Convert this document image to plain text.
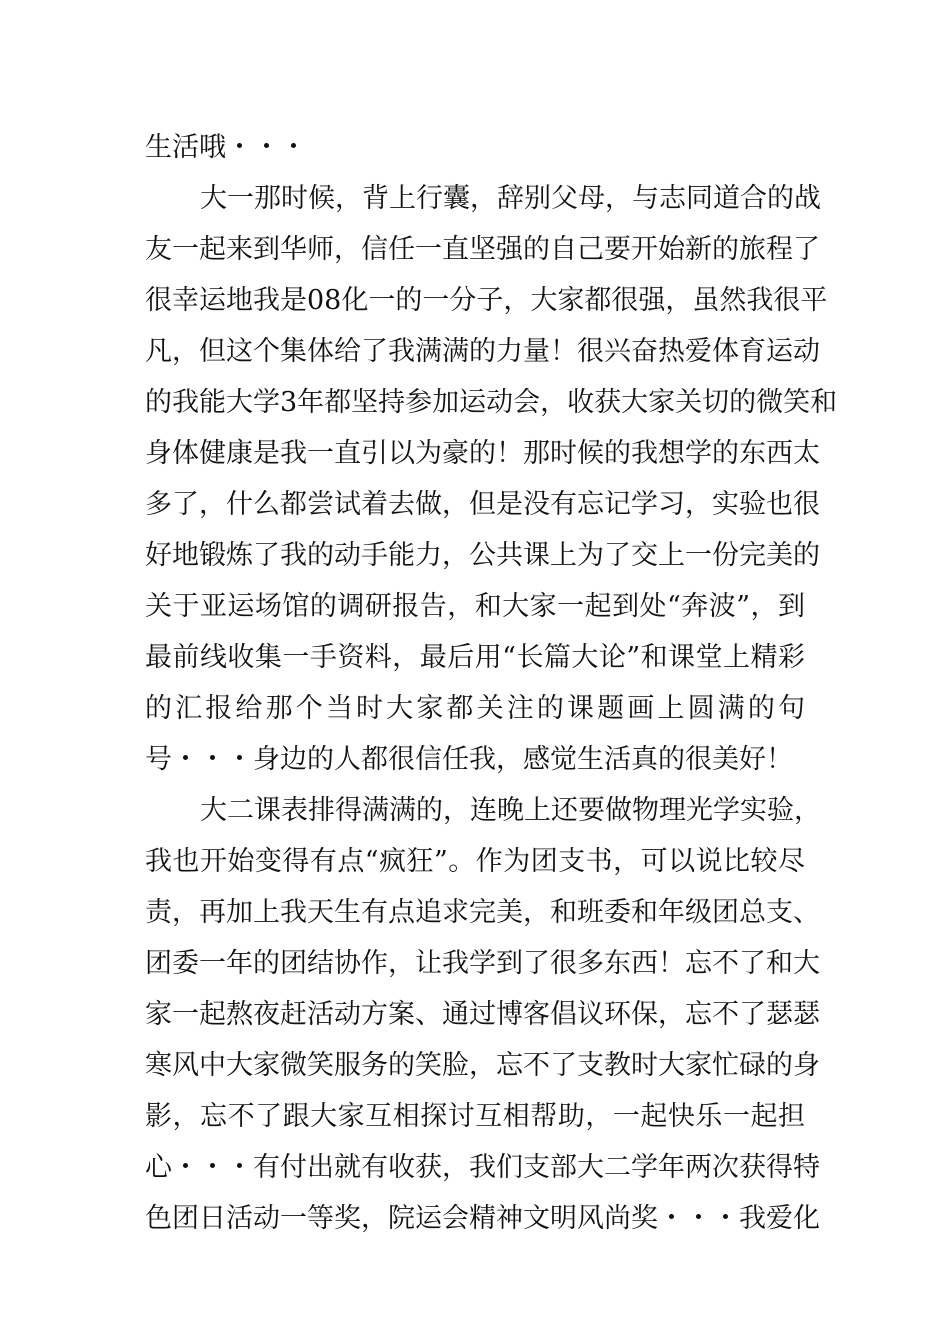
生活哦・・・
大一那时候，背上行囊，辞别父母，与志同道合的战
友一起来到华师，信任一直坚强的自己要开始新的旅程了
很幸运地我是08化一的一分子，大家都很强，虽然我很平
凡，但这个集体给了我满满的力量！很兴奋热爱体育运动
的我能大学3年都坚持参加运动会，收获大家关切的微笑和
身体健康是我一直引以为豪的！那时候的我想学的东西太
多了，什么都尝试着去做，但是没有忘记学习，实验也很
好地锻炼了我的动手能力，公共课上为了交上一份完美的
关于亚运场馆的调研报告，和大家一起到处“奔波”，到
最前线收集一手资料，最后用“长篇大论”和课堂上精彩
的汇报给那个当时大家都关注的课题画上圆满的句
号・・・身边的人都很信任我，感觉生活真的很美好！
大二课表排得满满的，连晚上还要做物理光学实验，
我也开始变得有点“疯狂”。作为团支书，可以说比较尽
责，再加上我天生有点追求完美，和班委和年级团总支、
团委一年的团结协作，让我学到了很多东西！忘不了和大
家一起熬夜赶活动方案、通过博客倡议环保，忘不了瑟瑟
寒风中大家微笑服务的笑脸，忘不了支教时大家忙碌的身
影，忘不了跟大家互相探讨互相帮助，一起快乐一起担
心・・・有付出就有收获，我们支部大二学年两次获得特
色团日活动一等奖，院运会精神文明风尚奖・・・我爱化
